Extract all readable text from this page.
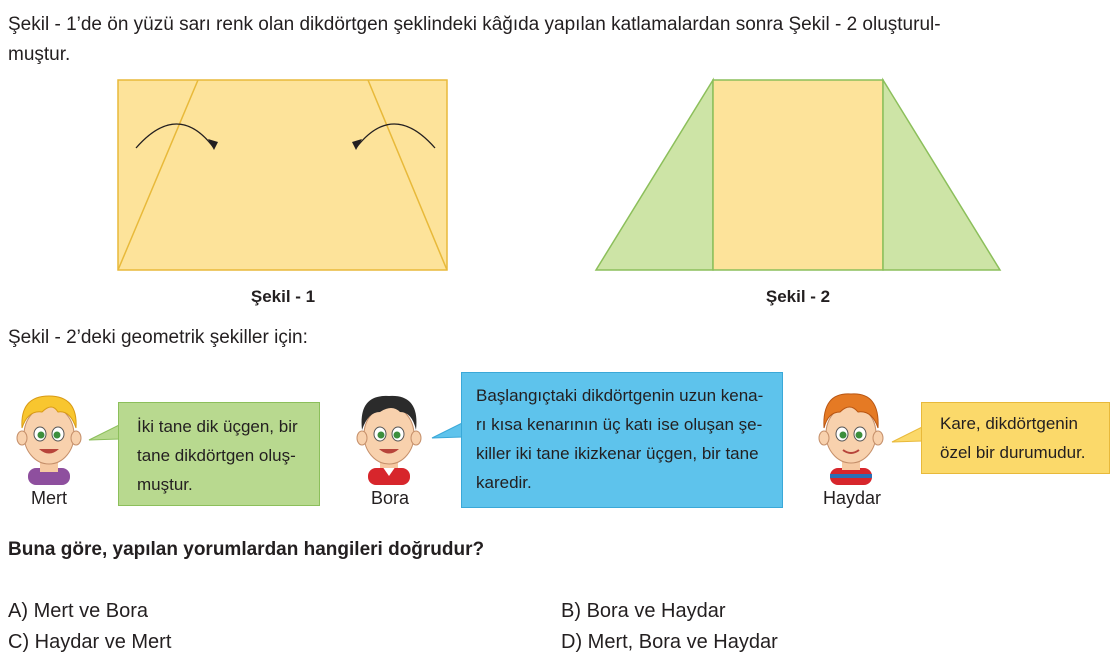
Şekil - 1’de ön yüzü sarı renk olan dikdörtgen şeklindeki kâğıda yapılan katlamalardan sonra Şekil - 2 oluşturul-
muştur.
Şekil - 1	Şekil - 2
Şekil - 2’deki geometrik şekiller için:
Mert
İki tane dik üçgen, bir
tane dikdörtgen oluş-
muştur.
Bora
Başlangıçtaki dikdörtgenin uzun kena-
rı kısa kenarının üç katı ise oluşan şe-
killer iki tane ikizkenar üçgen, bir tane
karedir.
Haydar
Kare, dikdörtgenin
özel bir durumudur.
Buna göre, yapılan yorumlardan hangileri doğrudur?
A) Mert ve Bora	B) Bora ve Haydar
C) Haydar ve Mert	D) Mert, Bora ve Haydar
